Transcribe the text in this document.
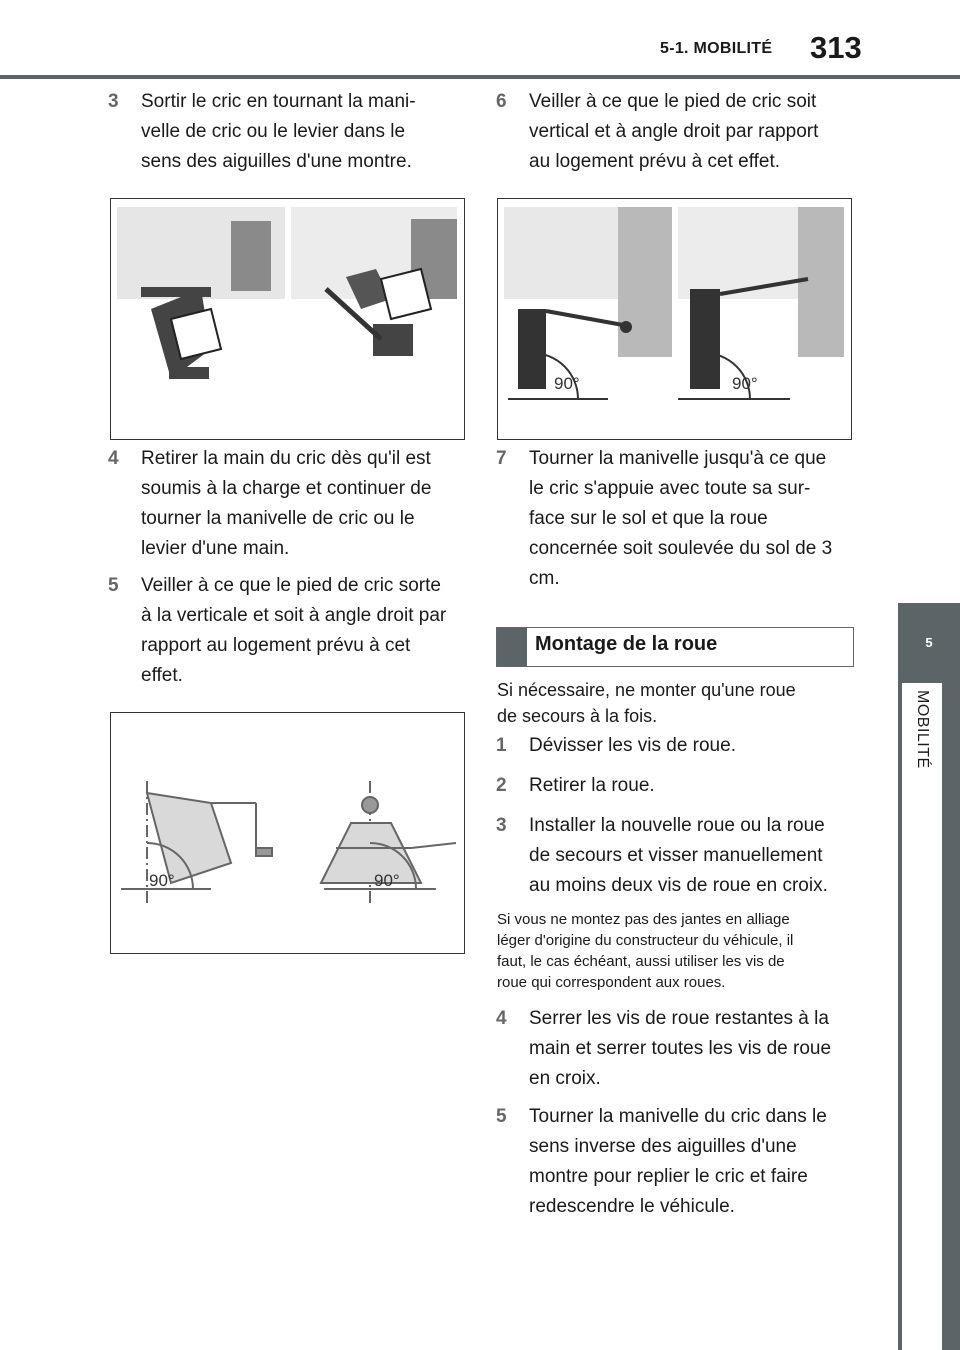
5-1. MOBILITÉ 313
5
MOBILITÉ
3 Sortir le cric en tournant la mani-
velle de cric ou le levier dans le
sens des aiguilles d'une montre.
4 Retirer la main du cric dès qu'il est
soumis à la charge et continuer de
tourner la manivelle de cric ou le
levier d'une main.
5 Veiller à ce que le pied de cric sorte
à la verticale et soit à angle droit par
rapport au logement prévu à cet
effet.
90°	90°
6 Veiller à ce que le pied de cric soit
vertical et à angle droit par rapport
au logement prévu à cet effet.
90°	90°
7 Tourner la manivelle jusqu'à ce que
le cric s'appuie avec toute sa sur-
face sur le sol et que la roue
concernée soit soulevée du sol de 3
cm.
Montage de la roue
Si nécessaire, ne monter qu'une roue
de secours à la fois.
1 Dévisser les vis de roue.
2 Retirer la roue.
3 Installer la nouvelle roue ou la roue
de secours et visser manuellement
au moins deux vis de roue en croix.
Si vous ne montez pas des jantes en alliage
léger d'origine du constructeur du véhicule, il
faut, le cas échéant, aussi utiliser les vis de
roue qui correspondent aux roues.
4 Serrer les vis de roue restantes à la
main et serrer toutes les vis de roue
en croix.
5 Tourner la manivelle du cric dans le
sens inverse des aiguilles d'une
montre pour replier le cric et faire
redescendre le véhicule.
